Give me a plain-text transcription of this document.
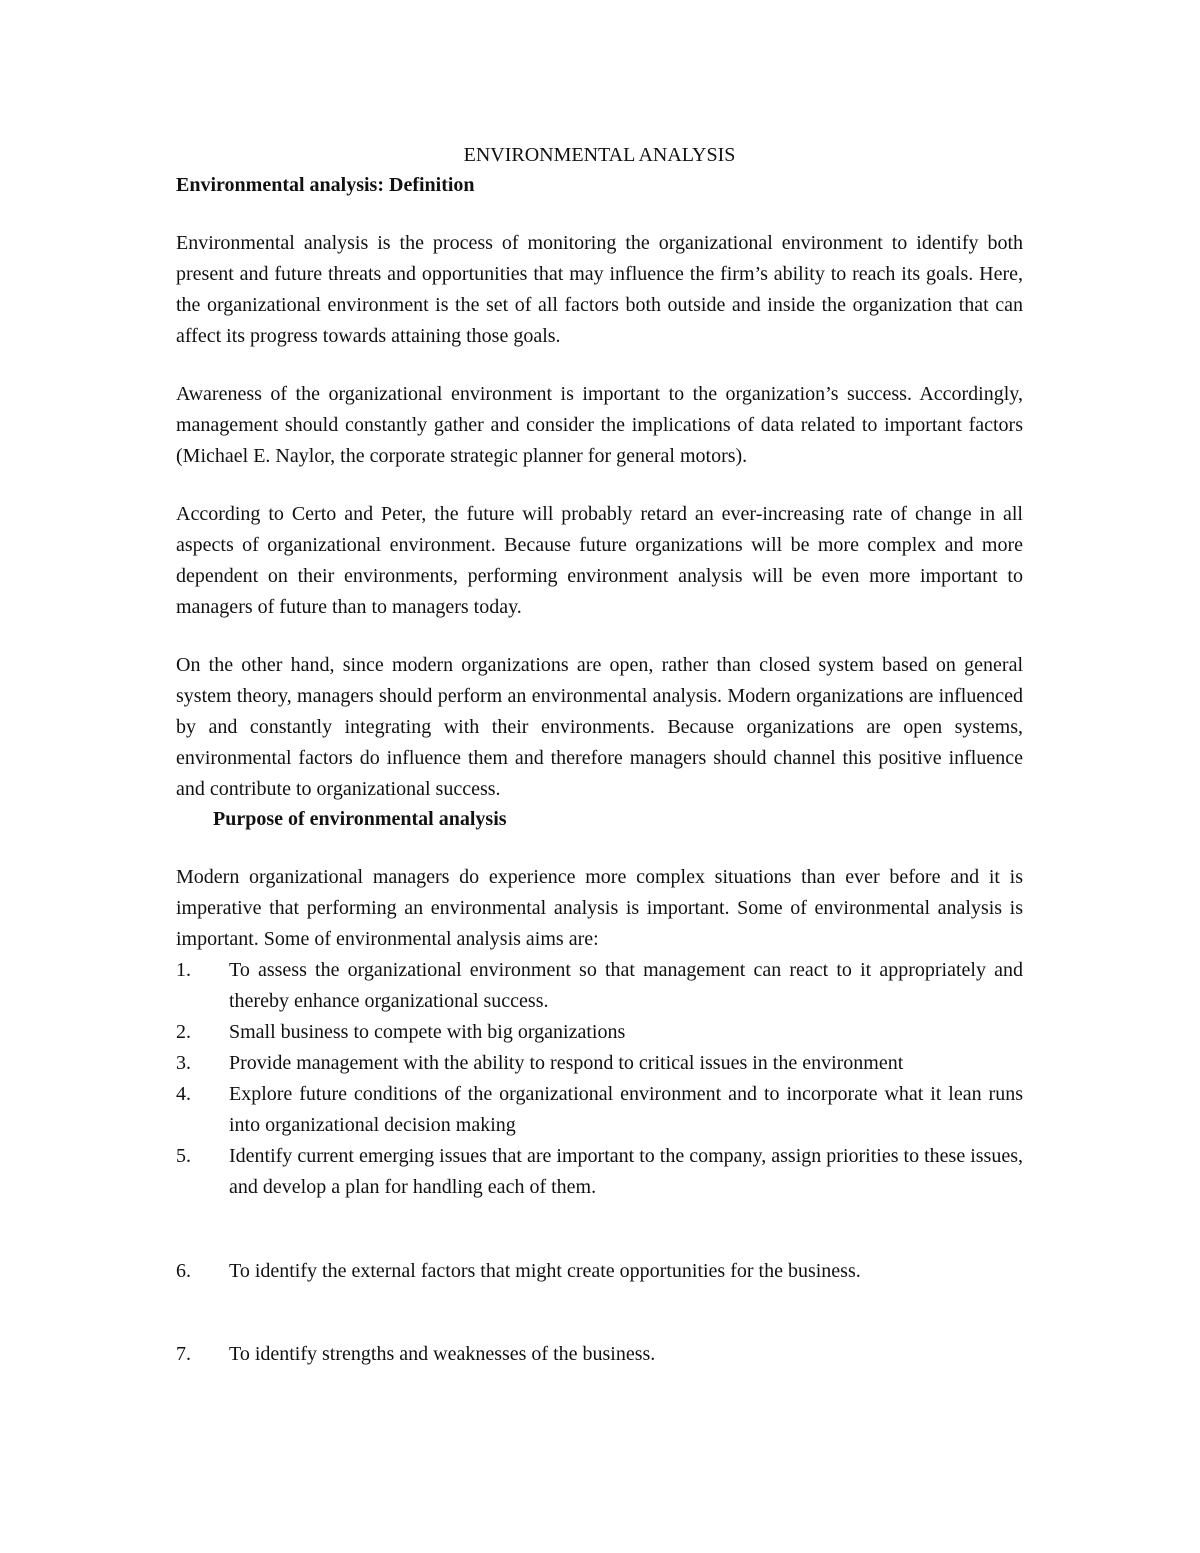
ENVIRONMENTAL ANALYSIS
Environmental analysis: Definition

Environmental analysis is the process of monitoring the organizational environment to identify both present and future threats and opportunities that may influence the firm’s ability to reach its goals. Here, the organizational environment is the set of all factors both outside and inside the organization that can affect its progress towards attaining those goals.

Awareness of the organizational environment is important to the organization’s success. Accordingly, management should constantly gather and consider the implications of data related to important factors (Michael E. Naylor, the corporate strategic planner for general motors).

According to Certo and Peter, the future will probably retard an ever-increasing rate of change in all aspects of organizational environment. Because future organizations will be more complex and more dependent on their environments, performing environment analysis will be even more important to managers of future than to managers today.

On the other hand, since modern organizations are open, rather than closed system based on general system theory, managers should perform an environmental analysis. Modern organizations are influenced by and constantly integrating with their environments. Because organizations are open systems, environmental factors do influence them and therefore managers should channel this positive influence and contribute to organizational success.

Purpose of environmental analysis

Modern organizational managers do experience more complex situations than ever before and it is imperative that performing an environmental analysis is important. Some of environmental analysis is important. Some of environmental analysis aims are:

1.	To assess the organizational environment so that management can react to it appropriately and thereby enhance organizational success.
2.	Small business to compete with big organizations
3.	Provide management with the ability to respond to critical issues in the environment
4.	Explore future conditions of the organizational environment and to incorporate what it lean runs into organizational decision making
5.	Identify current emerging issues that are important to the company, assign priorities to these issues, and develop a plan for handling each of them.
6.	To identify the external factors that might create opportunities for the business.
7.	To identify strengths and weaknesses of the business.
